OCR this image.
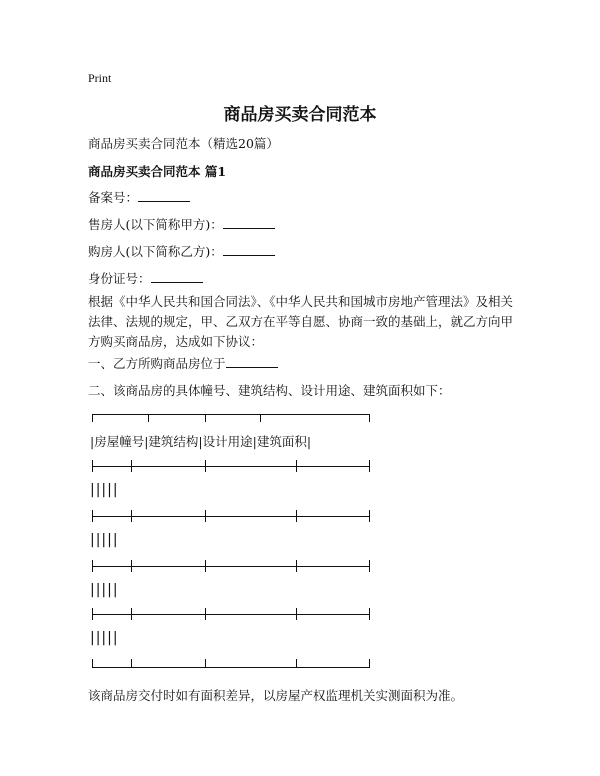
Print
商品房买卖合同范本
商品房买卖合同范本（精选20篇）
商品房买卖合同范本 篇1
备案号：
售房人(以下简称甲方)：
购房人(以下简称乙方)：
身份证号：
根据《中华人民共和国合同法》、《中华人民共和国城市房地产管理法》及相关法律、法规的规定，甲、乙双方在平等自愿、协商一致的基础上，就乙方向甲方购买商品房，达成如下协议：
一、乙方所购商品房位于
二、该商品房的具体幢号、建筑结构、设计用途、建筑面积如下：
|房屋幢号|建筑结构|设计用途|建筑面积|
|||||
|||||
|||||
|||||
该商品房交付时如有面积差异，以房屋产权监理机关实测面积为准。
